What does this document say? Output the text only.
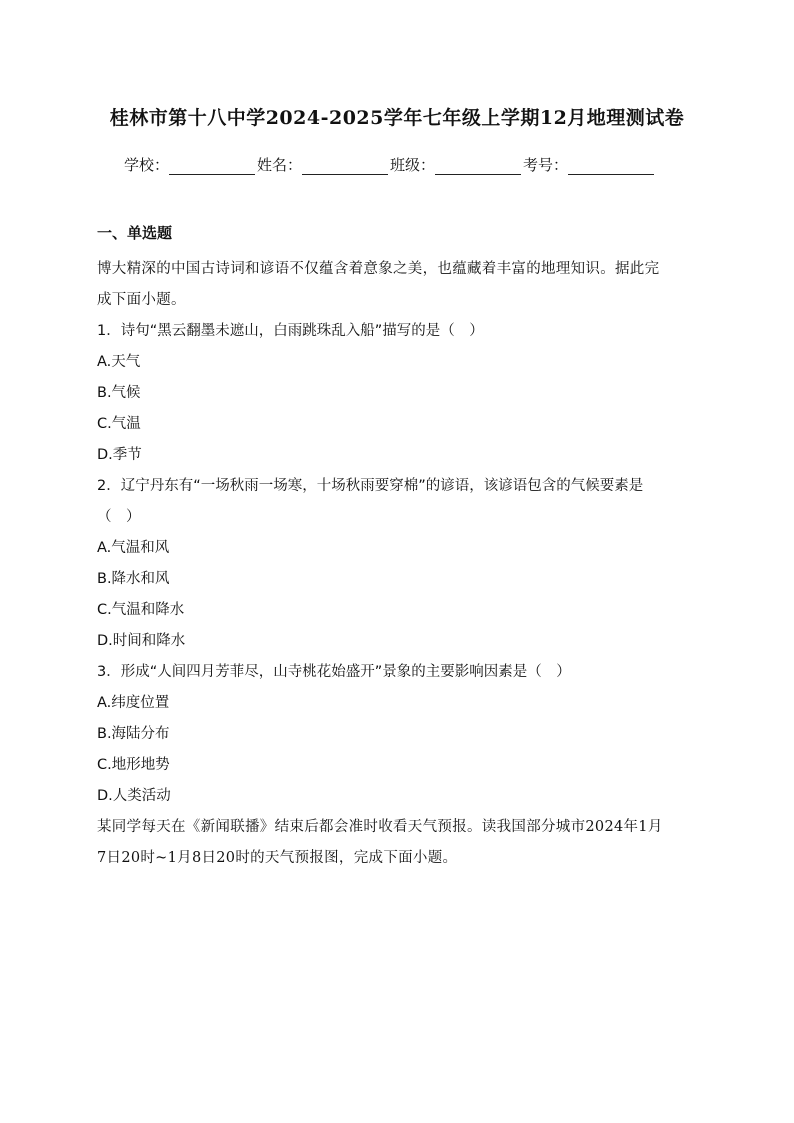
桂林市第十八中学2024-2025学年七年级上学期12月地理测试卷
学校：	姓名：	班级：	考号：
一、单选题
博大精深的中国古诗词和谚语不仅蕴含着意象之美，也蕴藏着丰富的地理知识。据此完
成下面小题。
1．诗句“黑云翻墨未遮山，白雨跳珠乱入船”描写的是（　）
A.天气
B.气候
C.气温
D.季节
2．辽宁丹东有“一场秋雨一场寒，十场秋雨要穿棉”的谚语，该谚语包含的气候要素是
（　）
A.气温和风
B.降水和风
C.气温和降水
D.时间和降水
3．形成“人间四月芳菲尽，山寺桃花始盛开”景象的主要影响因素是（　）
A.纬度位置
B.海陆分布
C.地形地势
D.人类活动
某同学每天在《新闻联播》结束后都会准时收看天气预报。读我国部分城市2024年1月
7日20时~1月8日20时的天气预报图，完成下面小题。
